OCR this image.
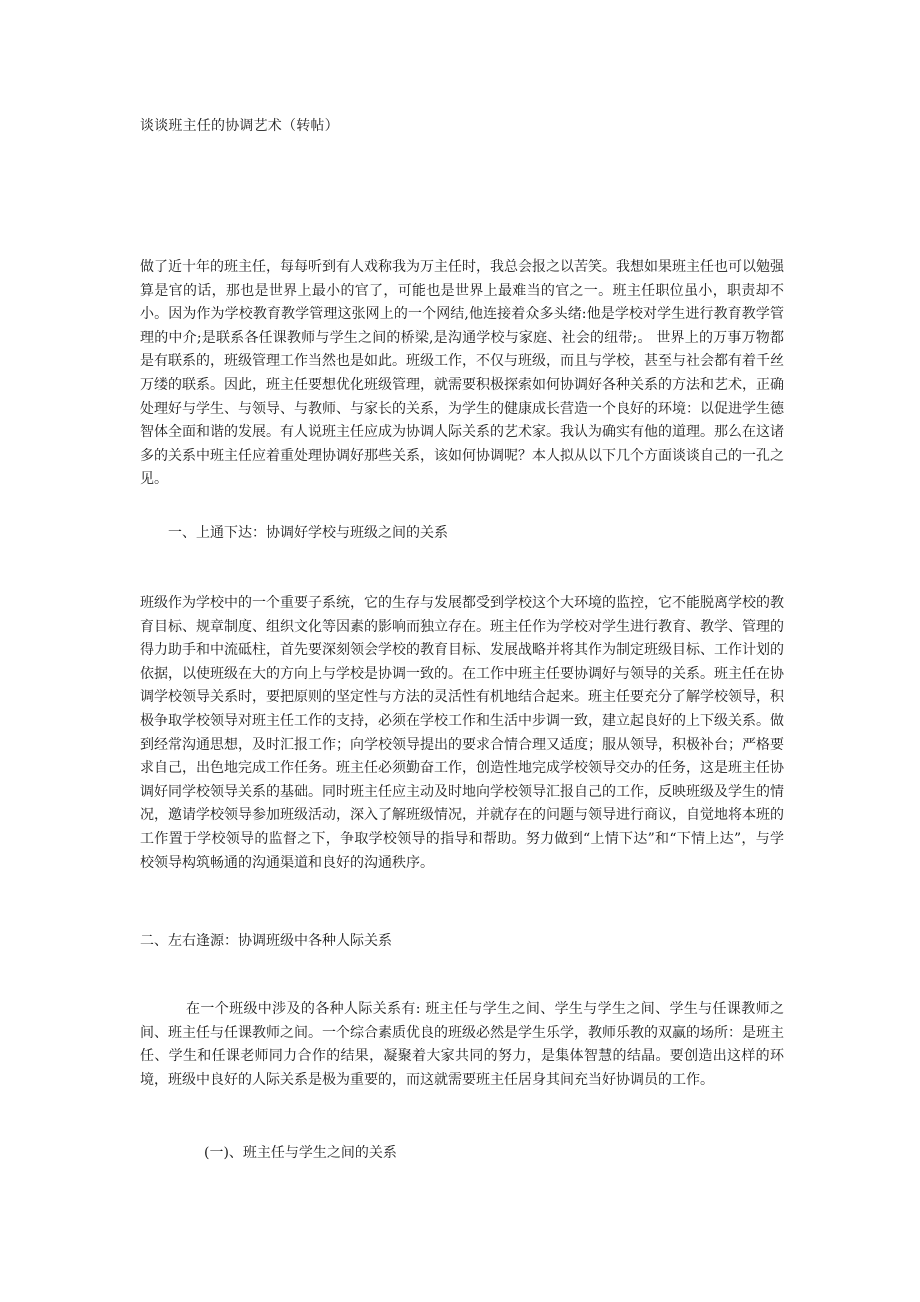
谈谈班主任的协调艺术（转帖）

做了近十年的班主任，每每听到有人戏称我为万主任时，我总会报之以苦笑。我想如果班主任也可以勉强算是官的话，那也是世界上最小的官了，可能也是世界上最难当的官之一。班主任职位虽小，职责却不小。因为作为学校教育教学管理这张网上的一个网结,他连接着众多头绪:他是学校对学生进行教育教学管理的中介;是联系各任课教师与学生之间的桥梁,是沟通学校与家庭、社会的纽带;。 世界上的万事万物都是有联系的，班级管理工作当然也是如此。班级工作，不仅与班级，而且与学校，甚至与社会都有着千丝万缕的联系。因此，班主任要想优化班级管理，就需要积极探索如何协调好各种关系的方法和艺术，正确处理好与学生、与领导、与教师、与家长的关系，为学生的健康成长营造一个良好的环境：以促进学生德智体全面和谐的发展。有人说班主任应成为协调人际关系的艺术家。我认为确实有他的道理。那么在这诸多的关系中班主任应着重处理协调好那些关系，该如何协调呢？本人拟从以下几个方面谈谈自己的一孔之见。

一、上通下达：协调好学校与班级之间的关系

班级作为学校中的一个重要子系统，它的生存与发展都受到学校这个大环境的监控，它不能脱离学校的教育目标、规章制度、组织文化等因素的影响而独立存在。班主任作为学校对学生进行教育、教学、管理的得力助手和中流砥柱，首先要深刻领会学校的教育目标、发展战略并将其作为制定班级目标、工作计划的依据，以使班级在大的方向上与学校是协调一致的。在工作中班主任要协调好与领导的关系。班主任在协调学校领导关系时，要把原则的坚定性与方法的灵活性有机地结合起来。班主任要充分了解学校领导，积极争取学校领导对班主任工作的支持，必须在学校工作和生活中步调一致，建立起良好的上下级关系。做到经常沟通思想，及时汇报工作；向学校领导提出的要求合情合理又适度；服从领导，积极补台；严格要求自己，出色地完成工作任务。班主任必须勤奋工作，创造性地完成学校领导交办的任务，这是班主任协调好同学校领导关系的基础。同时班主任应主动及时地向学校领导汇报自己的工作，反映班级及学生的情况，邀请学校领导参加班级活动，深入了解班级情况，并就存在的问题与领导进行商议，自觉地将本班的工作置于学校领导的监督之下，争取学校领导的指导和帮助。努力做到“上情下达”和“下情上达”，与学校领导构筑畅通的沟通渠道和良好的沟通秩序。

二、左右逢源：协调班级中各种人际关系

在一个班级中涉及的各种人际关系有: 班主任与学生之间、学生与学生之间、学生与任课教师之间、班主任与任课教师之间。一个综合素质优良的班级必然是学生乐学，教师乐教的双赢的场所：是班主任、学生和任课老师同力合作的结果，凝聚着大家共同的努力，是集体智慧的结晶。要创造出这样的环境，班级中良好的人际关系是极为重要的，而这就需要班主任居身其间充当好协调员的工作。

(一)、班主任与学生之间的关系
